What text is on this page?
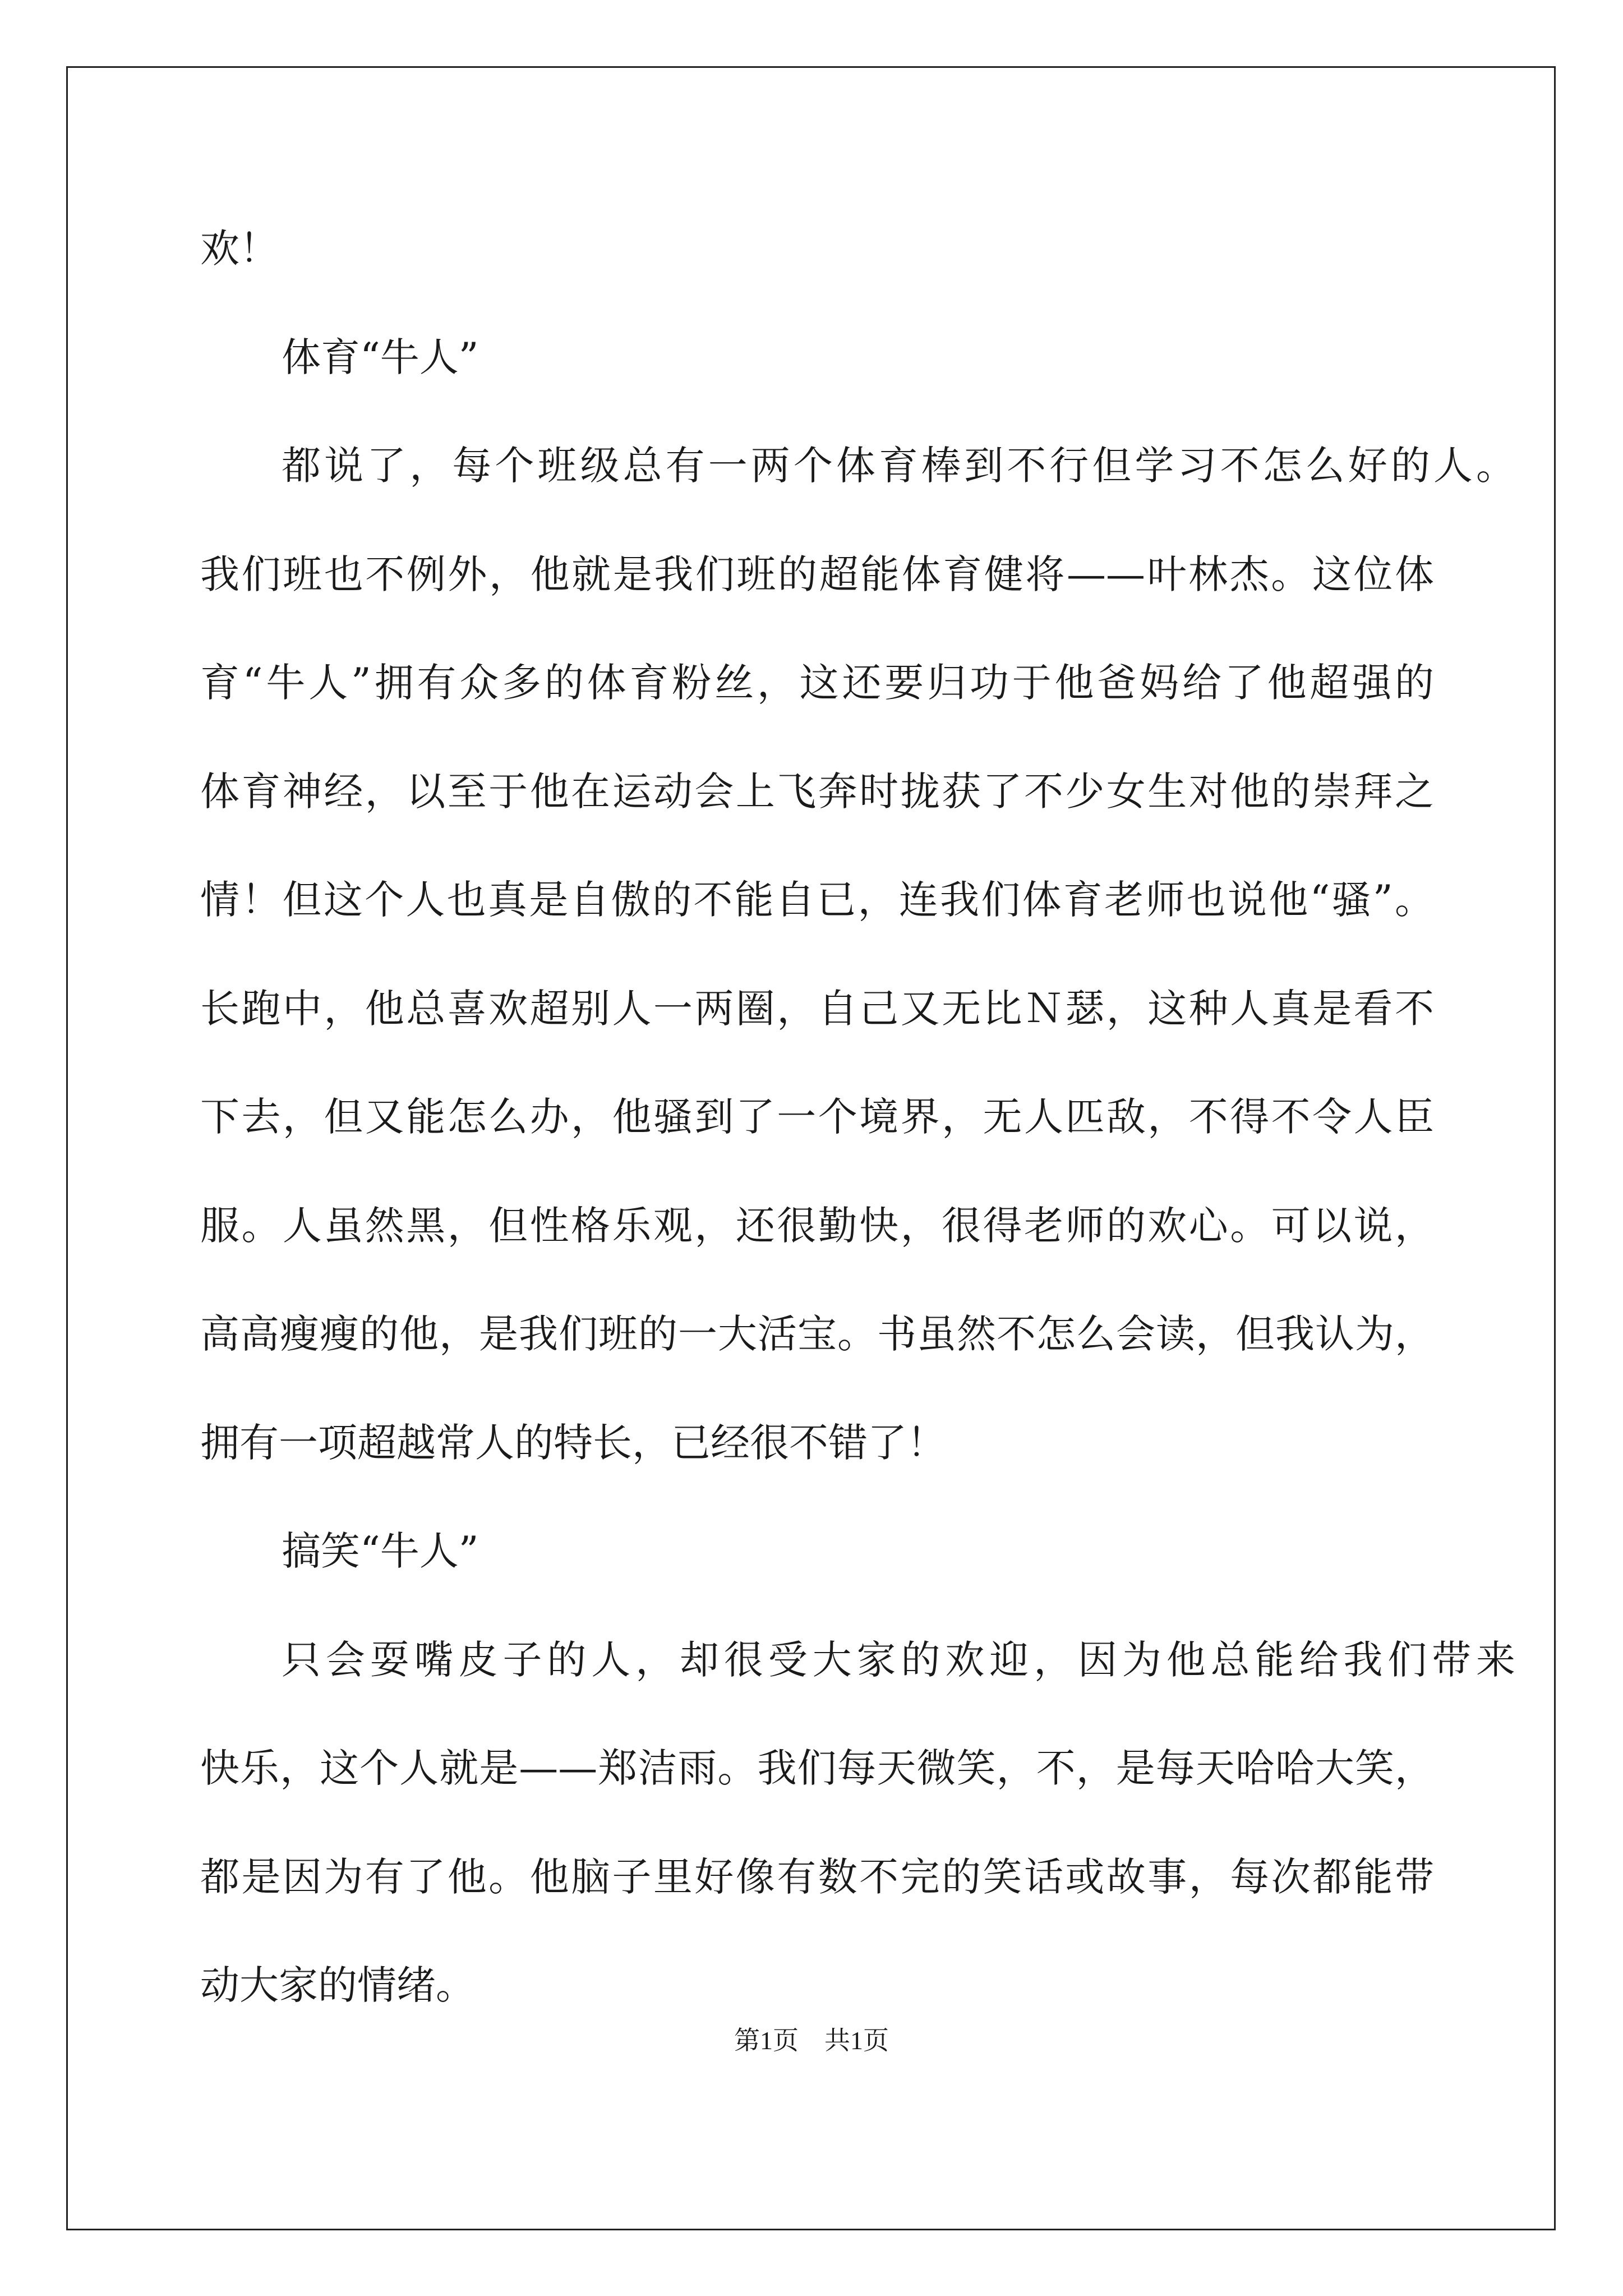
欢！

体育“牛人”

都说了，每个班级总有一两个体育棒到不行但学习不怎么好的人。

我们班也不例外，他就是我们班的超能体育健将——叶林杰。这位体

育“牛人”拥有众多的体育粉丝，这还要归功于他爸妈给了他超强的

体育神经，以至于他在运动会上飞奔时拢获了不少女生对他的崇拜之

情！但这个人也真是自傲的不能自已，连我们体育老师也说他“骚”。

长跑中，他总喜欢超别人一两圈，自己又无比Ｎ瑟，这种人真是看不

下去，但又能怎么办，他骚到了一个境界，无人匹敌，不得不令人臣

服。人虽然黑，但性格乐观，还很勤快，很得老师的欢心。可以说，

高高瘦瘦的他，是我们班的一大活宝。书虽然不怎么会读，但我认为，

拥有一项超越常人的特长，已经很不错了！

搞笑“牛人”

只会耍嘴皮子的人，却很受大家的欢迎，因为他总能给我们带来

快乐，这个人就是——郑洁雨。我们每天微笑，不，是每天哈哈大笑，

都是因为有了他。他脑子里好像有数不完的笑话或故事，每次都能带

动大家的情绪。

第1页　共1页
